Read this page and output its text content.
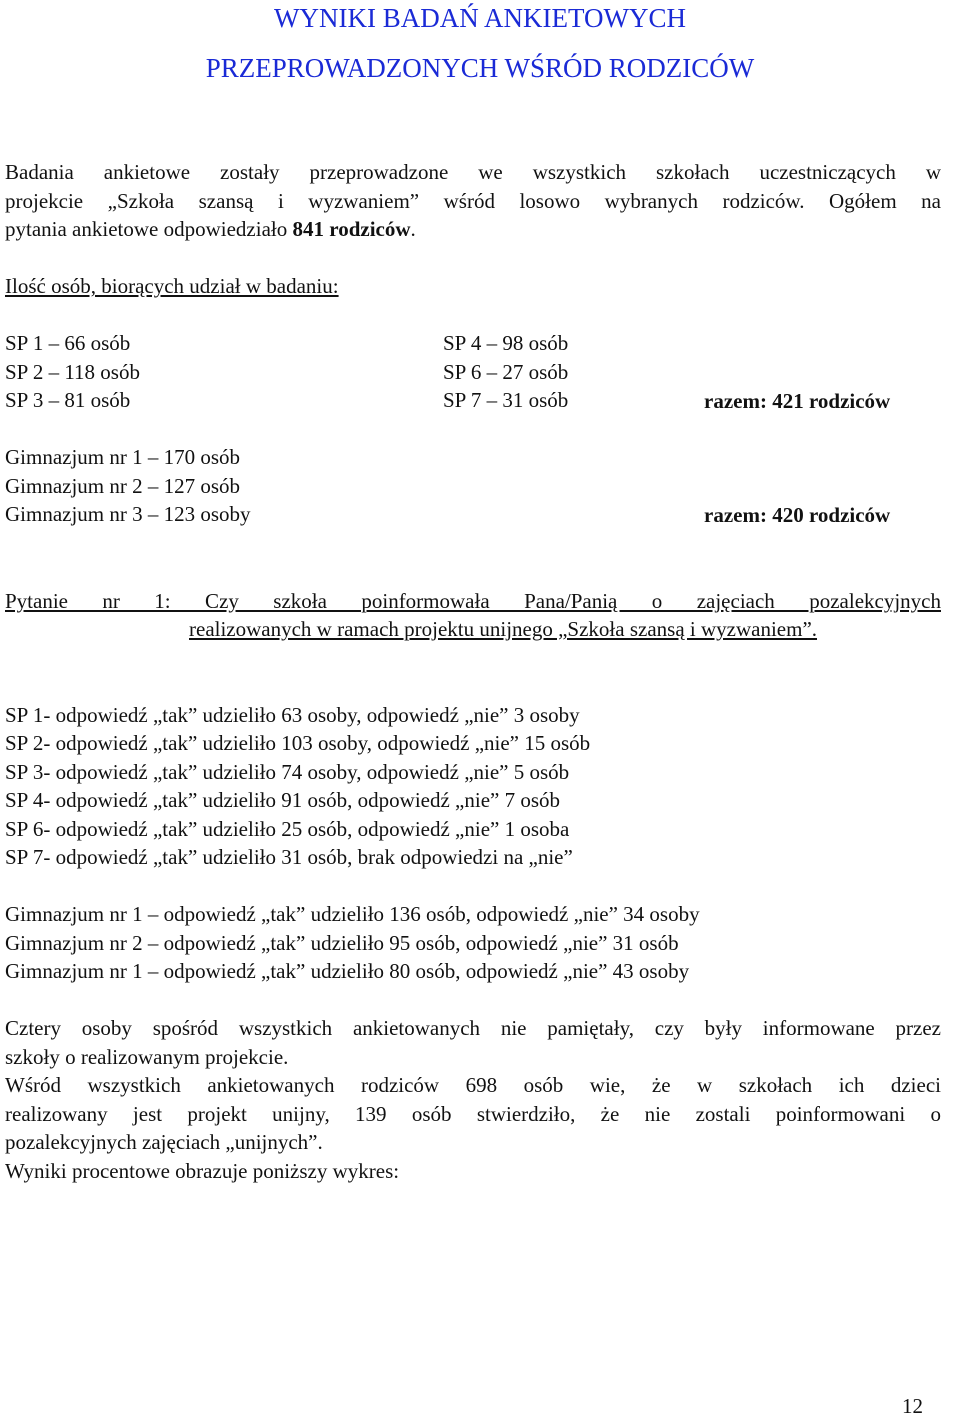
WYNIKI BADAŃ ANKIETOWYCH
PRZEPROWADZONYCH WŚRÓD RODZICÓW
Badania ankietowe zostały przeprowadzone we wszystkich szkołach uczestniczących w
projekcie „Szkoła szansą i wyzwaniem” wśród losowo wybranych rodziców. Ogółem na
pytania ankietowe odpowiedziało 841 rodziców.
Ilość osób, biorących udział w badaniu:
SP 1 – 66 osób
SP 2 – 118 osób
SP 3 – 81 osób
SP 4 – 98 osób
SP 6 – 27 osób
SP 7 – 31 osób	razem: 421 rodziców
Gimnazjum nr 1 – 170 osób
Gimnazjum nr 2 – 127 osób
Gimnazjum nr 3 – 123 osoby	razem: 420 rodziców
Pytanie nr 1: Czy szkoła poinformowała Pana/Panią o zajęciach pozalekcyjnych
realizowanych w ramach projektu unijnego „Szkoła szansą i wyzwaniem”.
SP 1- odpowiedź „tak” udzieliło 63 osoby, odpowiedź „nie” 3 osoby
SP 2- odpowiedź „tak” udzieliło 103 osoby, odpowiedź „nie” 15 osób
SP 3- odpowiedź „tak” udzieliło 74 osoby, odpowiedź „nie” 5 osób
SP 4- odpowiedź „tak” udzieliło 91 osób, odpowiedź „nie” 7 osób
SP 6- odpowiedź „tak” udzieliło 25 osób, odpowiedź „nie” 1 osoba
SP 7- odpowiedź „tak” udzieliło 31 osób, brak odpowiedzi na „nie”
Gimnazjum nr 1 – odpowiedź „tak” udzieliło 136 osób, odpowiedź „nie” 34 osoby
Gimnazjum nr 2 – odpowiedź „tak” udzieliło 95 osób, odpowiedź „nie” 31 osób
Gimnazjum nr 1 – odpowiedź „tak” udzieliło 80 osób, odpowiedź „nie” 43 osoby
Cztery osoby spośród wszystkich ankietowanych nie pamiętały, czy były informowane przez
szkoły o realizowanym projekcie.
Wśród wszystkich ankietowanych rodziców 698 osób wie, że w szkołach ich dzieci
realizowany jest projekt unijny, 139 osób stwierdziło, że nie zostali poinformowani o
pozalekcyjnych zajęciach „unijnych”.
Wyniki procentowe obrazuje poniższy wykres:
12
